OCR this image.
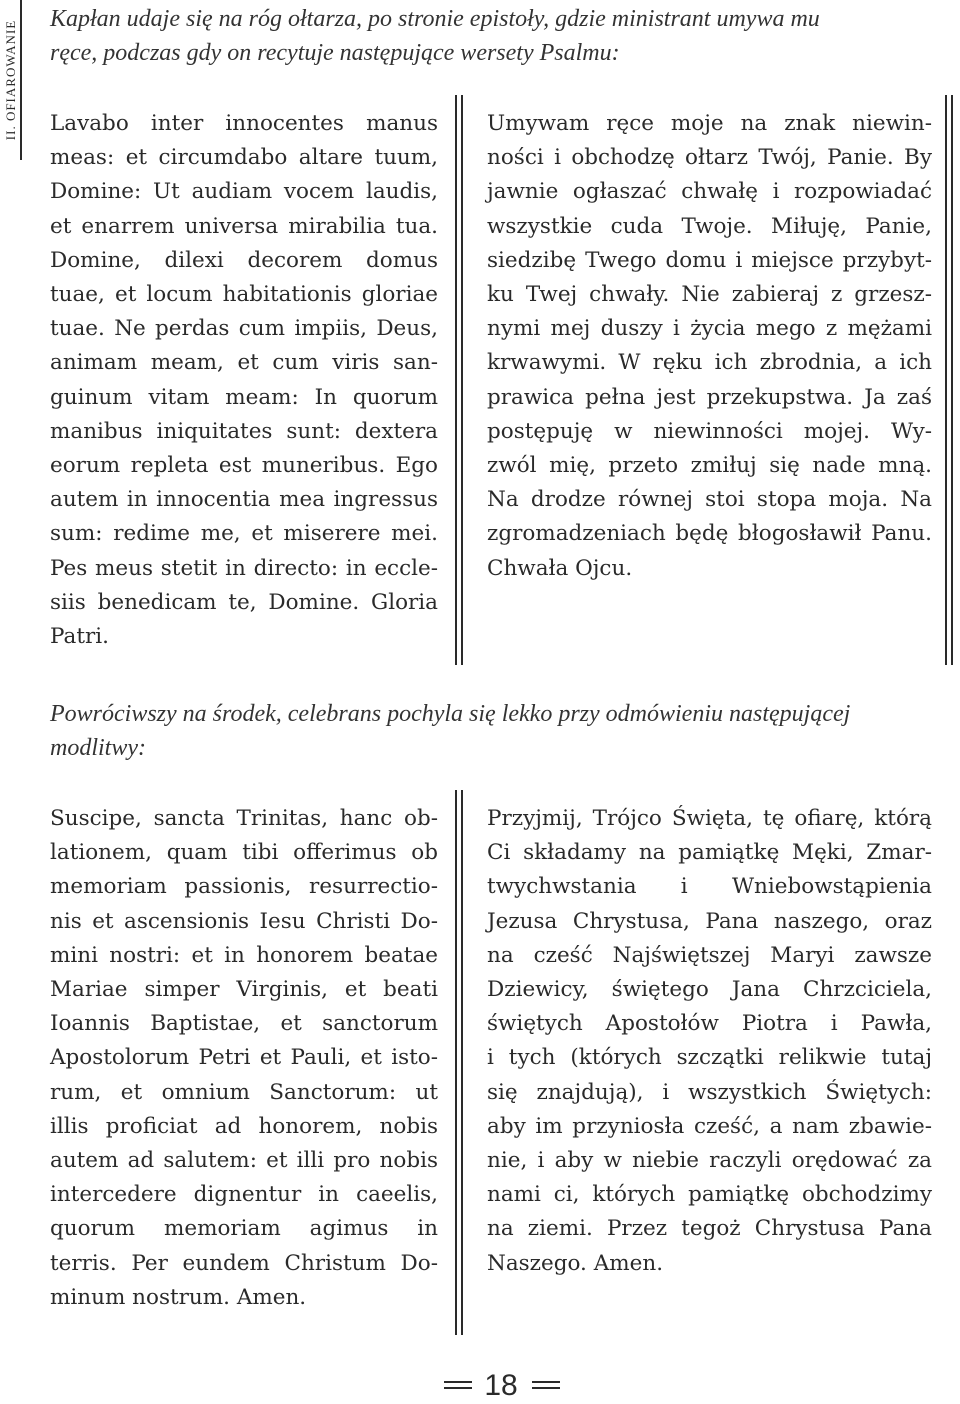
II. OFIAROWANIE
Kapłan udaje się na róg ołtarza, po stronie epistoły, gdzie ministrant umywa mu
ręce, podczas gdy on recytuje następujące wersety Psalmu:
Lavabo inter innocentes manus
meas: et circumdabo altare tuum,
Domine: Ut audiam vocem laudis,
et enarrem universa mirabilia tua.
Domine, dilexi decorem domus
tuae, et locum habitationis gloriae
tuae. Ne perdas cum impiis, Deus,
animam meam, et cum viris san-
guinum vitam meam: In quorum
manibus iniquitates sunt: dextera
eorum repleta est muneribus. Ego
autem in innocentia mea ingressus
sum: redime me, et miserere mei.
Pes meus stetit in directo: in eccle-
siis benedicam te, Domine. Gloria
Patri.
Umywam ręce moje na znak niewin-
ności i obchodzę ołtarz Twój, Panie. By
jawnie ogłaszać chwałę i rozpowiadać
wszystkie cuda Twoje. Miłuję, Panie,
siedzibę Twego domu i miejsce przybyt-
ku Twej chwały. Nie zabieraj z grzesz-
nymi mej duszy i życia mego z mężami
krwawymi. W ręku ich zbrodnia, a ich
prawica pełna jest przekupstwa. Ja zaś
postępuję w niewinności mojej. Wy-
zwól mię, przeto zmiłuj się nade mną.
Na drodze równej stoi stopa moja. Na
zgromadzeniach będę błogosławił Panu.
Chwała Ojcu.
Powróciwszy na środek, celebrans pochyla się lekko przy odmówieniu następującej
modlitwy:
Suscipe, sancta Trinitas, hanc ob-
lationem, quam tibi offerimus ob
memoriam passionis, resurrectio-
nis et ascensionis Iesu Christi Do-
mini nostri: et in honorem beatae
Mariae simper Virginis, et beati
Ioannis Baptistae, et sanctorum
Apostolorum Petri et Pauli, et isto-
rum, et omnium Sanctorum: ut
illis proficiat ad honorem, nobis
autem ad salutem: et illi pro nobis
intercedere dignentur in caeelis,
quorum memoriam agimus in
terris. Per eundem Christum Do-
minum nostrum. Amen.
Przyjmij, Trójco Święta, tę ofiarę, którą
Ci składamy na pamiątkę Męki, Zmar-
twychwstania i Wniebowstąpienia
Jezusa Chrystusa, Pana naszego, oraz
na cześć Najświętszej Maryi zawsze
Dziewicy, świętego Jana Chrzciciela,
świętych Apostołów Piotra i Pawła,
i tych (których szczątki relikwie tutaj
się znajdują), i wszystkich Świętych:
aby im przyniosła cześć, a nam zbawie-
nie, i aby w niebie raczyli orędować za
nami ci, których pamiątkę obchodzimy
na ziemi. Przez tegoż Chrystusa Pana
Naszego. Amen.
18
